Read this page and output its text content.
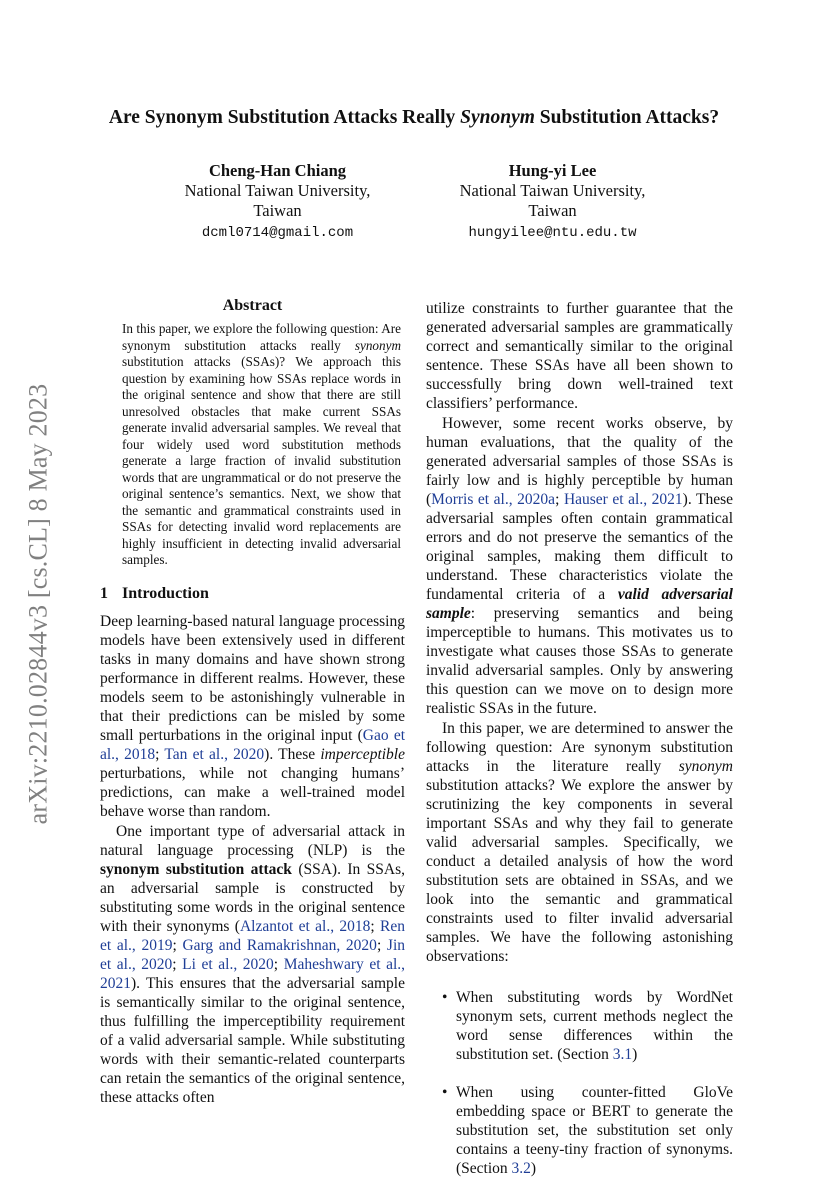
arXiv:2210.02844v3 [cs.CL] 8 May 2023
Are Synonym Substitution Attacks Really Synonym Substitution Attacks?
Cheng-Han Chiang
National Taiwan University,
Taiwan
dcml0714@gmail.com
Hung-yi Lee
National Taiwan University,
Taiwan
hungyilee@ntu.edu.tw
Abstract

In this paper, we explore the following question: Are synonym substitution attacks really synonym substitution attacks (SSAs)? We approach this question by examining how SSAs replace words in the original sentence and show that there are still unresolved obstacles that make current SSAs generate invalid adversarial samples. We reveal that four widely used word substitution methods generate a large fraction of invalid substitution words that are ungrammatical or do not preserve the original sentence’s semantics. Next, we show that the semantic and grammatical constraints used in SSAs for detecting invalid word replacements are highly insufficient in detecting invalid adversarial samples.

1 Introduction

Deep learning-based natural language processing models have been extensively used in different tasks in many domains and have shown strong performance in different realms. However, these models seem to be astonishingly vulnerable in that their predictions can be misled by some small perturbations in the original input (Gao et al., 2018; Tan et al., 2020). These imperceptible perturbations, while not changing humans’ predictions, can make a well-trained model behave worse than random.

One important type of adversarial attack in natural language processing (NLP) is the synonym substitution attack (SSA). In SSAs, an adversarial sample is constructed by substituting some words in the original sentence with their synonyms (Alzantot et al., 2018; Ren et al., 2019; Garg and Ramakrishnan, 2020; Jin et al., 2020; Li et al., 2020; Maheshwary et al., 2021). This ensures that the adversarial sample is semantically similar to the original sentence, thus fulfilling the imperceptibility requirement of a valid adversarial sample. While substituting words with their semantic-related counterparts can retain the semantics of the original sentence, these attacks often

utilize constraints to further guarantee that the generated adversarial samples are grammatically correct and semantically similar to the original sentence. These SSAs have all been shown to successfully bring down well-trained text classifiers’ performance.

However, some recent works observe, by human evaluations, that the quality of the generated adversarial samples of those SSAs is fairly low and is highly perceptible by human (Morris et al., 2020a; Hauser et al., 2021). These adversarial samples often contain grammatical errors and do not preserve the semantics of the original samples, making them difficult to understand. These characteristics violate the fundamental criteria of a valid adversarial sample: preserving semantics and being imperceptible to humans. This motivates us to investigate what causes those SSAs to generate invalid adversarial samples. Only by answering this question can we move on to design more realistic SSAs in the future.

In this paper, we are determined to answer the following question: Are synonym substitution attacks in the literature really synonym substitution attacks? We explore the answer by scrutinizing the key components in several important SSAs and why they fail to generate valid adversarial samples. Specifically, we conduct a detailed analysis of how the word substitution sets are obtained in SSAs, and we look into the semantic and grammatical constraints used to filter invalid adversarial samples. We have the following astonishing observations:

• When substituting words by WordNet synonym sets, current methods neglect the word sense differences within the substitution set. (Section 3.1)
• When using counter-fitted GloVe embedding space or BERT to generate the substitution set, the substitution set only contains a teeny-tiny fraction of synonyms. (Section 3.2)
